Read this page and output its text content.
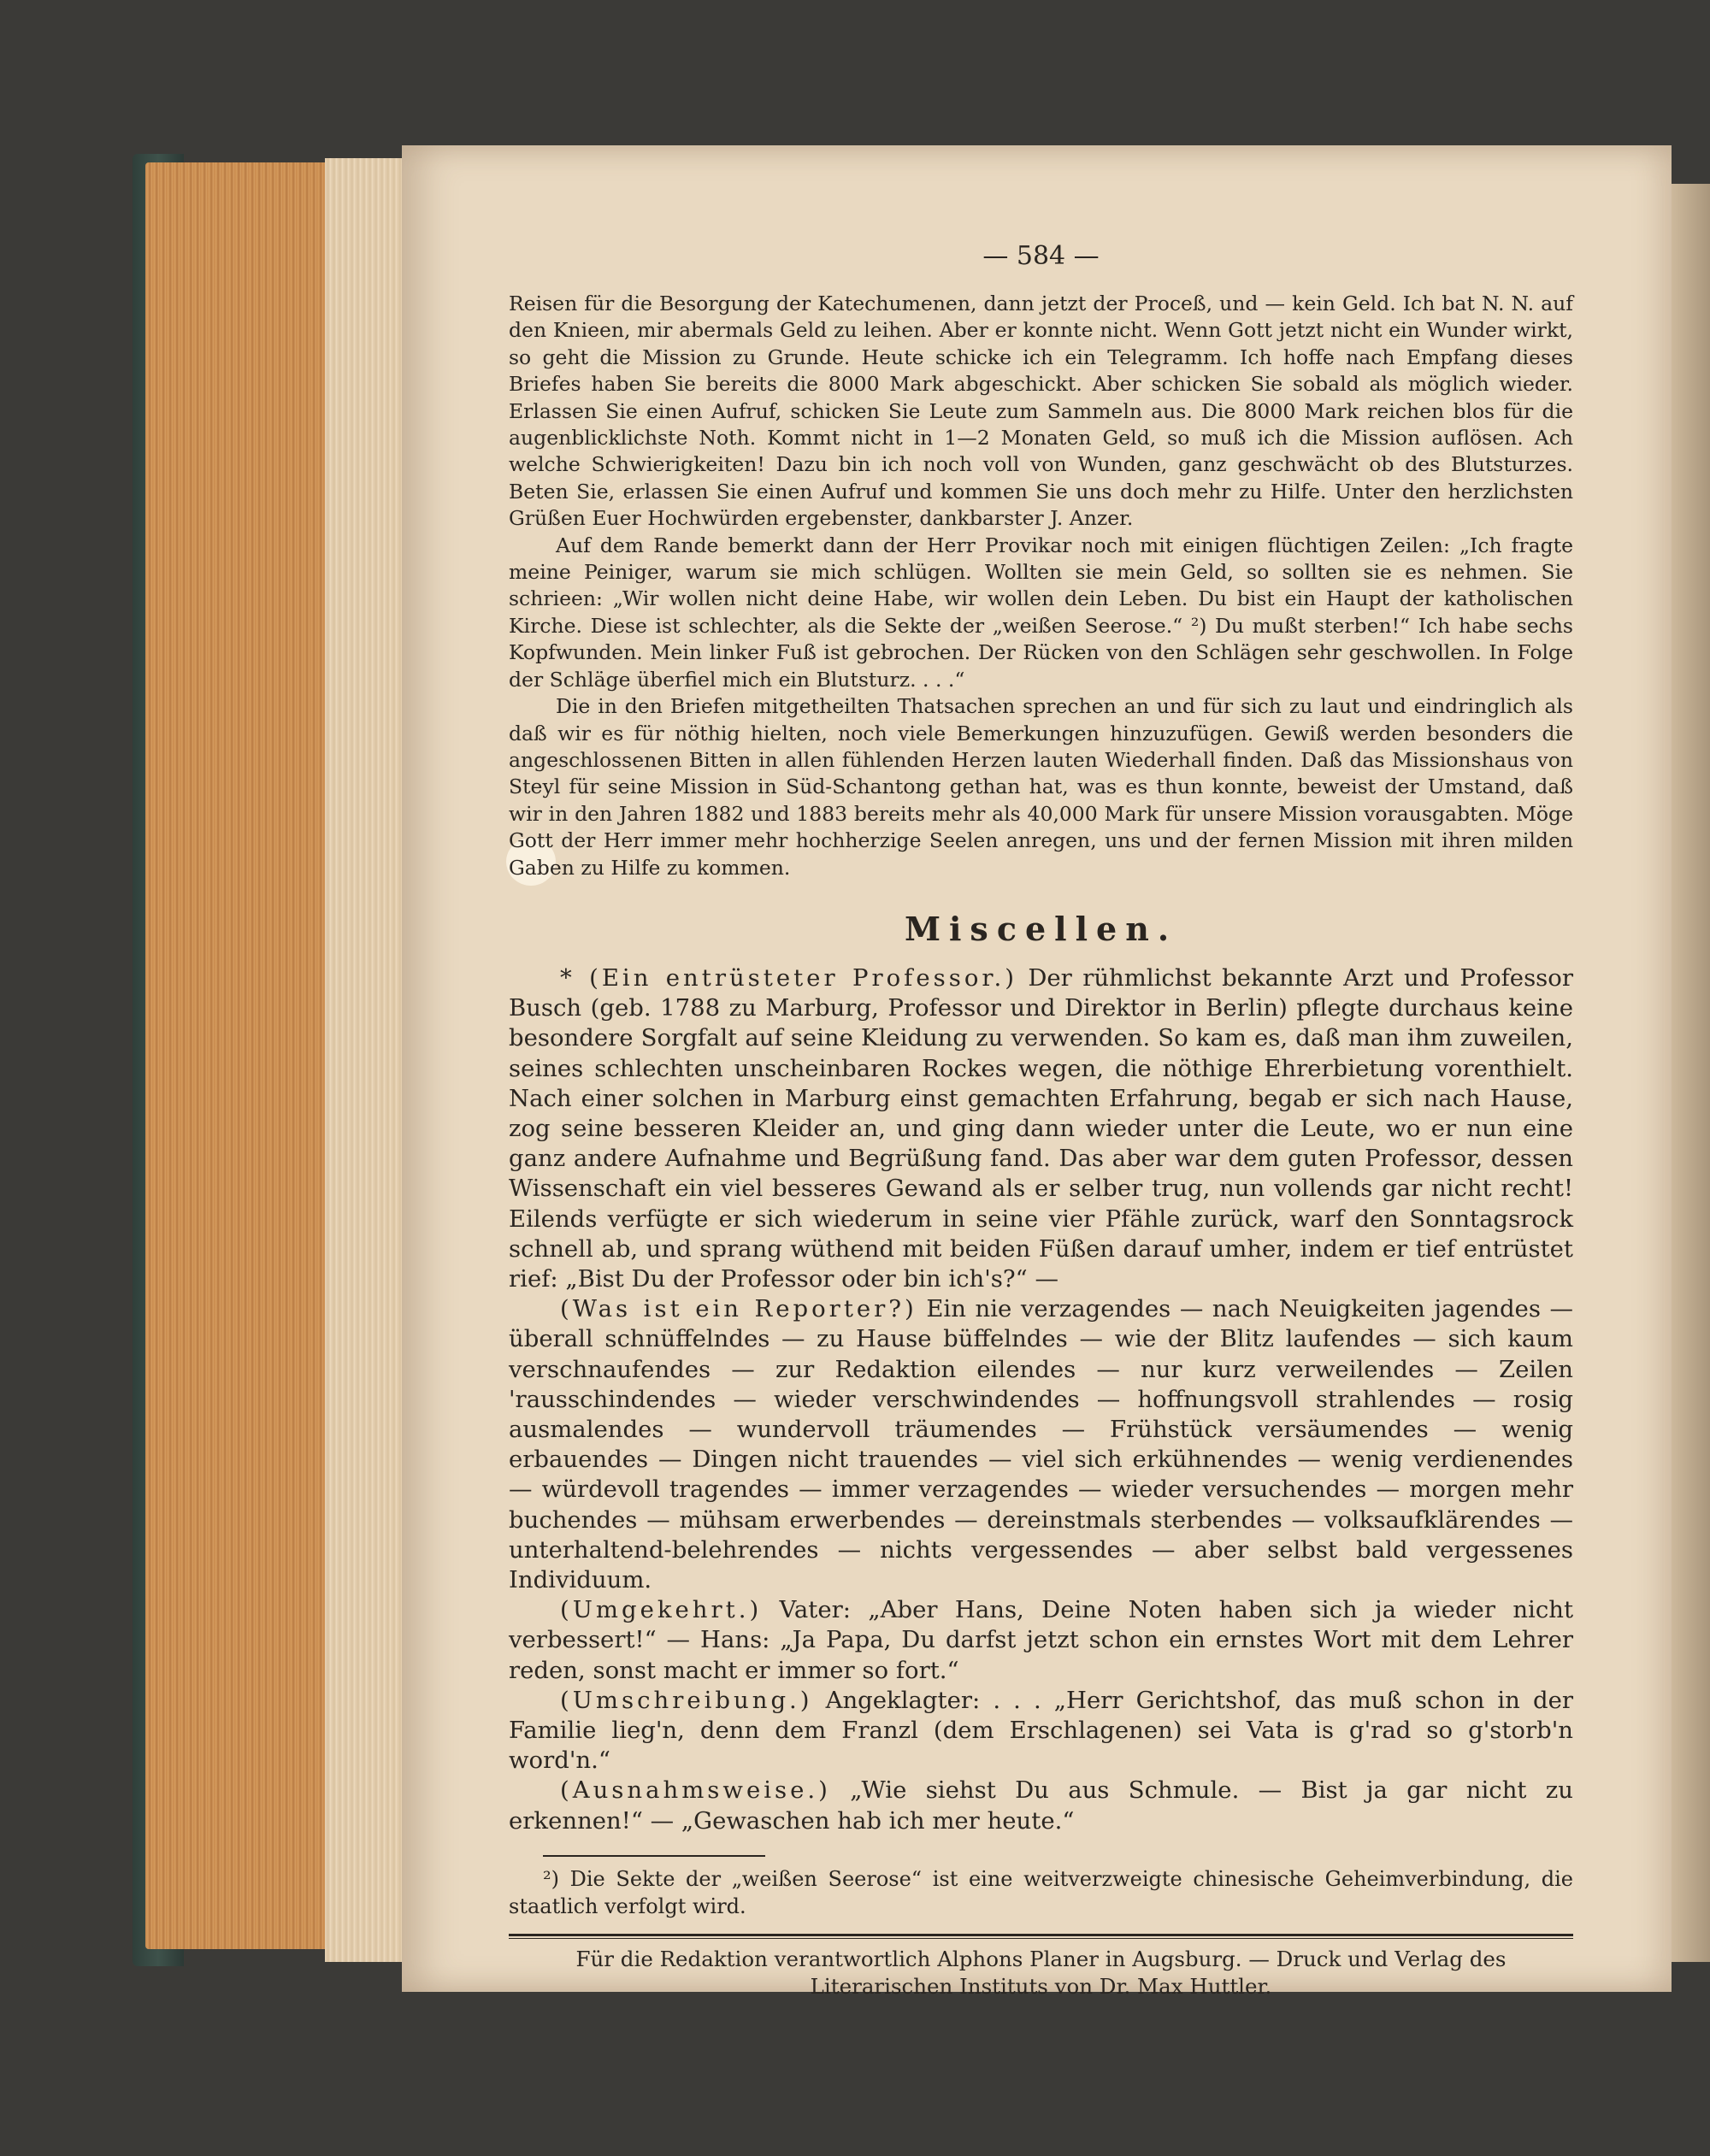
— 584 —

Reisen für die Besorgung der Katechumenen, dann jetzt der Proceß, und — kein Geld. Ich bat N. N. auf den Knieen, mir abermals Geld zu leihen. Aber er konnte nicht. Wenn Gott jetzt nicht ein Wunder wirkt, so geht die Mission zu Grunde. Heute schicke ich ein Telegramm. Ich hoffe nach Empfang dieses Briefes haben Sie bereits die 8000 Mark abgeschickt. Aber schicken Sie sobald als möglich wieder. Erlassen Sie einen Aufruf, schicken Sie Leute zum Sammeln aus. Die 8000 Mark reichen blos für die augenblicklichste Noth. Kommt nicht in 1—2 Monaten Geld, so muß ich die Mission auflösen. Ach welche Schwierigkeiten! Dazu bin ich noch voll von Wunden, ganz geschwächt ob des Blutsturzes. Beten Sie, erlassen Sie einen Aufruf und kommen Sie uns doch mehr zu Hilfe. Unter den herzlichsten Grüßen Euer Hochwürden ergebenster, dankbarster J. Anzer.

Auf dem Rande bemerkt dann der Herr Provikar noch mit einigen flüchtigen Zeilen: „Ich fragte meine Peiniger, warum sie mich schlügen. Wollten sie mein Geld, so sollten sie es nehmen. Sie schrieen: „Wir wollen nicht deine Habe, wir wollen dein Leben. Du bist ein Haupt der katholischen Kirche. Diese ist schlechter, als die Sekte der „weißen Seerose.“ ²) Du mußt sterben!“ Ich habe sechs Kopfwunden. Mein linker Fuß ist gebrochen. Der Rücken von den Schlägen sehr geschwollen. In Folge der Schläge überfiel mich ein Blutsturz. . . .“

Die in den Briefen mitgetheilten Thatsachen sprechen an und für sich zu laut und eindringlich als daß wir es für nöthig hielten, noch viele Bemerkungen hinzuzufügen. Gewiß werden besonders die angeschlossenen Bitten in allen fühlenden Herzen lauten Wiederhall finden. Daß das Missionshaus von Steyl für seine Mission in Süd-Schantong gethan hat, was es thun konnte, beweist der Umstand, daß wir in den Jahren 1882 und 1883 bereits mehr als 40,000 Mark für unsere Mission vorausgabten. Möge Gott der Herr immer mehr hochherzige Seelen anregen, uns und der fernen Mission mit ihren milden Gaben zu Hilfe zu kommen.

Miscellen.

* (Ein entrüsteter Professor.) Der rühmlichst bekannte Arzt und Professor Busch (geb. 1788 zu Marburg, Professor und Direktor in Berlin) pflegte durchaus keine besondere Sorgfalt auf seine Kleidung zu verwenden. So kam es, daß man ihm zuweilen, seines schlechten unscheinbaren Rockes wegen, die nöthige Ehrerbietung vorenthielt. Nach einer solchen in Marburg einst gemachten Erfahrung, begab er sich nach Hause, zog seine besseren Kleider an, und ging dann wieder unter die Leute, wo er nun eine ganz andere Aufnahme und Begrüßung fand. Das aber war dem guten Professor, dessen Wissenschaft ein viel besseres Gewand als er selber trug, nun vollends gar nicht recht! Eilends verfügte er sich wiederum in seine vier Pfähle zurück, warf den Sonntagsrock schnell ab, und sprang wüthend mit beiden Füßen darauf umher, indem er tief entrüstet rief: „Bist Du der Professor oder bin ich's?“ —

(Was ist ein Reporter?) Ein nie verzagendes — nach Neuigkeiten jagendes — überall schnüffelndes — zu Hause büffelndes — wie der Blitz laufendes — sich kaum verschnaufendes — zur Redaktion eilendes — nur kurz verweilendes — Zeilen 'rausschindendes — wieder verschwindendes — hoffnungsvoll strahlendes — rosig ausmalendes — wundervoll träumendes — Frühstück versäumendes — wenig erbauendes — Dingen nicht trauendes — viel sich erkühnendes — wenig verdienendes — würdevoll tragendes — immer verzagendes — wieder versuchendes — morgen mehr buchendes — mühsam erwerbendes — dereinstmals sterbendes — volksaufklärendes — unterhaltend-belehrendes — nichts vergessendes — aber selbst bald vergessenes Individuum.

(Umgekehrt.) Vater: „Aber Hans, Deine Noten haben sich ja wieder nicht verbessert!“ — Hans: „Ja Papa, Du darfst jetzt schon ein ernstes Wort mit dem Lehrer reden, sonst macht er immer so fort.“

(Umschreibung.) Angeklagter: . . . „Herr Gerichtshof, das muß schon in der Familie lieg'n, denn dem Franzl (dem Erschlagenen) sei Vata is g'rad so g'storb'n word'n.“

(Ausnahmsweise.) „Wie siehst Du aus Schmule. — Bist ja gar nicht zu erkennen!“ — „Gewaschen hab ich mer heute.“

²) Die Sekte der „weißen Seerose“ ist eine weitverzweigte chinesische Geheimverbindung, die staatlich verfolgt wird.

Für die Redaktion verantwortlich Alphons Planer in Augsburg. — Druck und Verlag des

Literarischen Instituts von Dr. Max Huttler.
